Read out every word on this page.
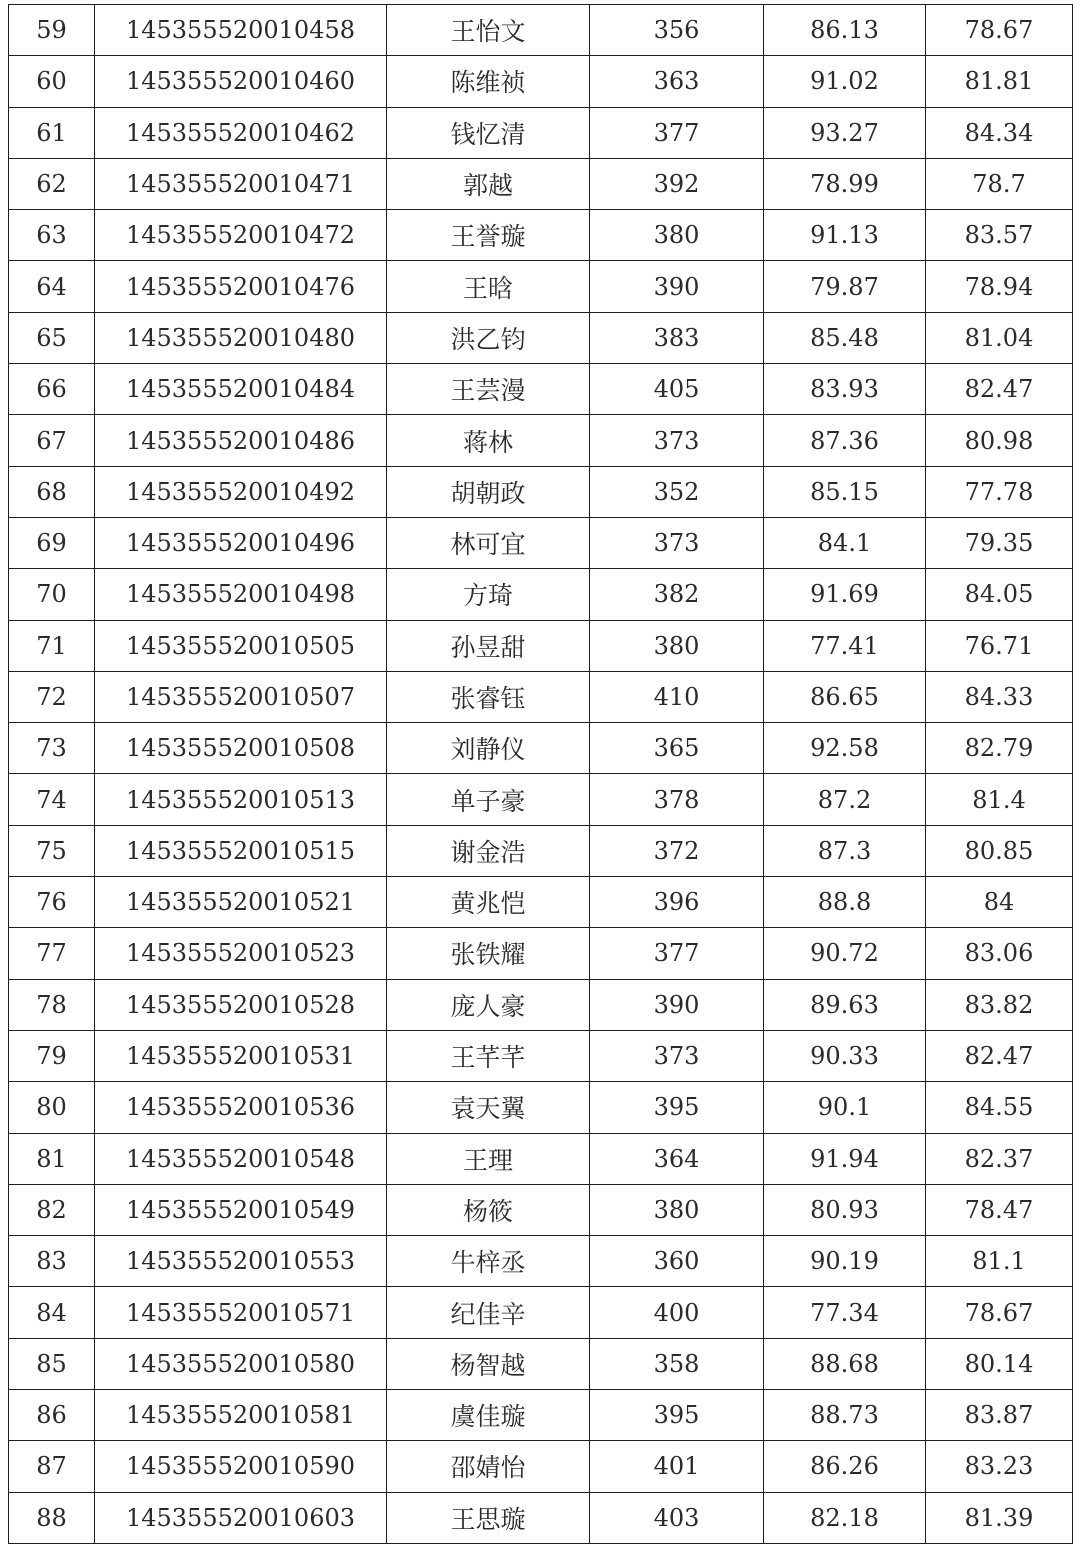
59	145355520010458	王怡文	356	86.13	78.67
60	145355520010460	陈维祯	363	91.02	81.81
61	145355520010462	钱忆清	377	93.27	84.34
62	145355520010471	郭越	392	78.99	78.7
63	145355520010472	王誉璇	380	91.13	83.57
64	145355520010476	王晗	390	79.87	78.94
65	145355520010480	洪乙钧	383	85.48	81.04
66	145355520010484	王芸漫	405	83.93	82.47
67	145355520010486	蒋林	373	87.36	80.98
68	145355520010492	胡朝政	352	85.15	77.78
69	145355520010496	林可宜	373	84.1	79.35
70	145355520010498	方琦	382	91.69	84.05
71	145355520010505	孙昱甜	380	77.41	76.71
72	145355520010507	张睿钰	410	86.65	84.33
73	145355520010508	刘静仪	365	92.58	82.79
74	145355520010513	单子豪	378	87.2	81.4
75	145355520010515	谢金浩	372	87.3	80.85
76	145355520010521	黄兆恺	396	88.8	84
77	145355520010523	张铁耀	377	90.72	83.06
78	145355520010528	庞人豪	390	89.63	83.82
79	145355520010531	王芊芊	373	90.33	82.47
80	145355520010536	袁天翼	395	90.1	84.55
81	145355520010548	王理	364	91.94	82.37
82	145355520010549	杨筱	380	80.93	78.47
83	145355520010553	牛梓丞	360	90.19	81.1
84	145355520010571	纪佳辛	400	77.34	78.67
85	145355520010580	杨智越	358	88.68	80.14
86	145355520010581	虞佳璇	395	88.73	83.87
87	145355520010590	邵婧怡	401	86.26	83.23
88	145355520010603	王思璇	403	82.18	81.39
